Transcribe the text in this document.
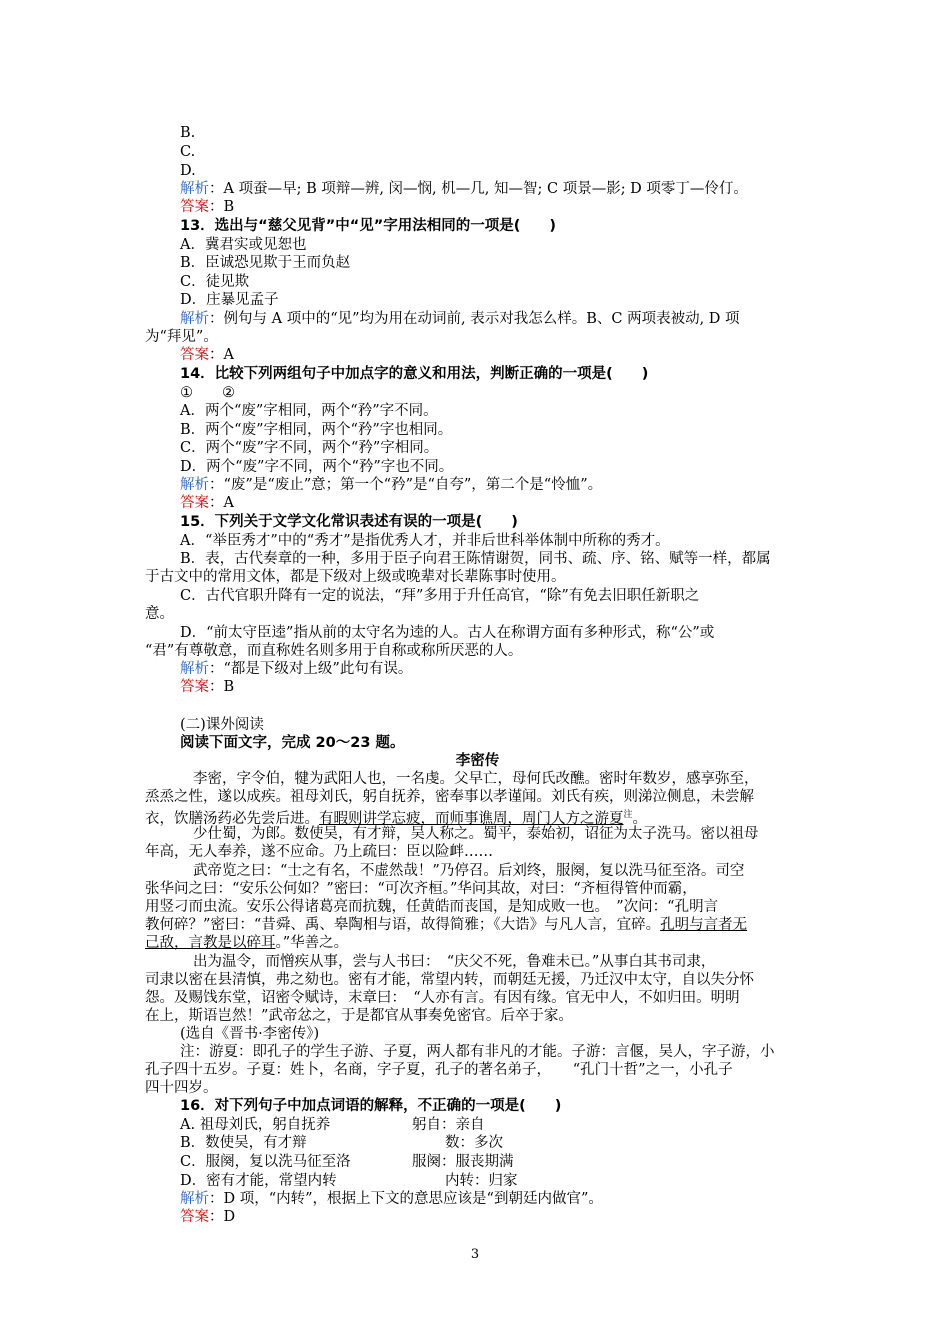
B.
C.
D.
解析：A 项蚕—早; B 项辩—辨, 闵—悯, 机—几, 知—智; C 项景—影; D 项零丁—伶仃。
答案：B
13．选出与“慈父见背”中“见”字用法相同的一项是(　　)
A．冀君实或见恕也
B．臣诚恐见欺于王而负赵
C．徒见欺
D．庄暴见孟子
解析：例句与 A 项中的“见”均为用在动词前, 表示对我怎么样。B、C 两项表被动, D 项
为“拜见”。
答案：A
14．比较下列两组句子中加点字的意义和用法，判断正确的一项是(　　)
①　　②
A．两个“废”字相同，两个“矜”字不同。
B．两个“废”字相同，两个“矜”字也相同。
C．两个“废”字不同，两个“矜”字相同。
D．两个“废”字不同，两个“矜”字也不同。
解析：“废”是“废止”意；第一个“矜”是“自夸”，第二个是“怜恤”。
答案：A
15．下列关于文学文化常识表述有误的一项是(　　)
A．“举臣秀才”中的“秀才”是指优秀人才，并非后世科举体制中所称的秀才。
B．表，古代奏章的一种，多用于臣子向君王陈情谢贺，同书、疏、序、铭、赋等一样，都属
于古文中的常用文体，都是下级对上级或晚辈对长辈陈事时使用。
C．古代官职升降有一定的说法，“拜”多用于升任高官，“除”有免去旧职任新职之
意。
D．“前太守臣逵”指从前的太守名为逵的人。古人在称谓方面有多种形式，称“公”或
“君”有尊敬意，而直称姓名则多用于自称或称所厌恶的人。
解析：“都是下级对上级”此句有误。
答案：B
(二)课外阅读
阅读下面文字，完成 20～23 题。
李密传
李密，字令伯，犍为武阳人也，一名虔。父早亡，母何氏改醮。密时年数岁，感享弥至，
烝烝之性，遂以成疾。祖母刘氏，躬自抚养，密奉事以孝谨闻。刘氏有疾，则涕泣侧息，未尝解
衣，饮膳汤药必先尝后进。有暇则讲学忘疲，而师事谯周，周门人方之游夏$^注$。
少仕蜀，为郎。数使吴，有才辩，吴人称之。蜀平，泰始初，诏征为太子洗马。密以祖母
年高，无人奉养，遂不应命。乃上疏曰：臣以险衅……
武帝览之曰：“士之有名，不虚然哉！”乃停召。后刘终，服阕，复以洗马征至洛。司空
张华问之曰：“安乐公何如？”密曰：“可次齐桓。”华问其故，对曰：“齐桓得管仲而霸，
用竖刁而虫流。安乐公得诸葛亮而抗魏，任黄皓而丧国，是知成败一也。　”次问：“孔明言
教何碎？”密曰：“昔舜、禹、皋陶相与语，故得简雅；《大诰》与凡人言，宜碎。孔明与言者无
己敌，言教是以碎耳。”华善之。
出为温令，而憎疾从事，尝与人书曰：　“庆父不死，鲁难未已。”从事白其书司隶，
司隶以密在县清慎，弗之劾也。密有才能，常望内转，而朝廷无援，乃迁汉中太守，自以失分怀
怨。及赐饯东堂，诏密令赋诗，末章曰：　“人亦有言。有因有缘。官无中人，不如归田。明明
在上，斯语岂然！”武帝忿之，于是都官从事奏免密官。后卒于家。
(选自《晋书·李密传》)
注：游夏：即孔子的学生子游、子夏，两人都有非凡的才能。子游：言偃，吴人，字子游，小
孔子四十五岁。子夏：姓卜，名商，字子夏，孔子的著名弟子，　　“孔门十哲”之一，小孔子
四十四岁。
16．对下列句子中加点词语的解释，不正确的一项是(　　)
A. 祖母刘氏，躬自抚养	躬自：亲自
B．数使吴，有才辩	数：多次
C．服阕，复以洗马征至洛	服阕：服丧期满
D．密有才能，常望内转	内转：归家
解析：D 项，“内转”，根据上下文的意思应该是“到朝廷内做官”。
答案：D
3
